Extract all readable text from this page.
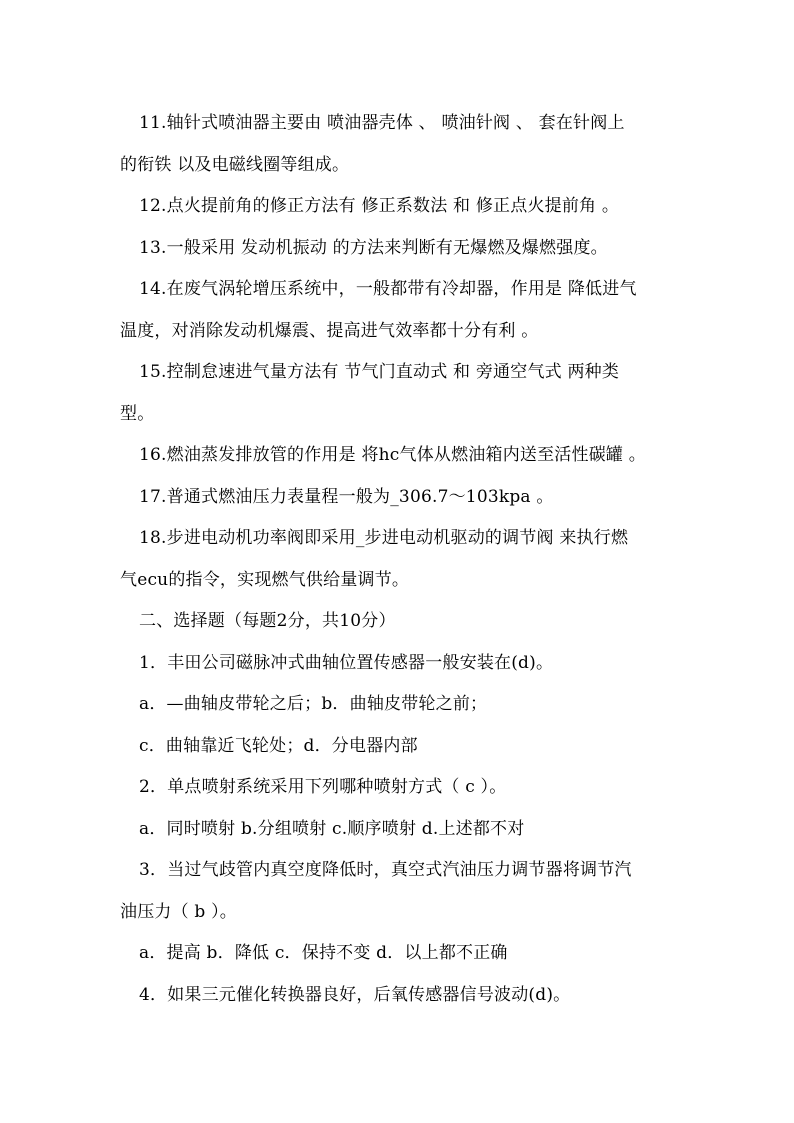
11.轴针式喷油器主要由 喷油器壳体 、 喷油针阀 、 套在针阀上
的衔铁 以及电磁线圈等组成。
12.点火提前角的修正方法有 修正系数法 和 修正点火提前角 。
13.一般采用 发动机振动 的方法来判断有无爆燃及爆燃强度。
14.在废气涡轮增压系统中，一般都带有冷却器，作用是 降低进气
温度，对消除发动机爆震、提高进气效率都十分有利 。
15.控制怠速进气量方法有 节气门直动式 和 旁通空气式 两种类
型。
16.燃油蒸发排放管的作用是 将hc气体从燃油箱内送至活性碳罐 。
17.普通式燃油压力表量程一般为_306.7～103kpa 。
18.步进电动机功率阀即采用_步进电动机驱动的调节阀 来执行燃
气ecu的指令，实现燃气供给量调节。
二、选择题（每题2分，共10分）
1．丰田公司磁脉冲式曲轴位置传感器一般安装在(d)。
a．—曲轴皮带轮之后；b．曲轴皮带轮之前；
c．曲轴靠近飞轮处；d．分电器内部
2．单点喷射系统采用下列哪种喷射方式（ c ）。
a．同时喷射 b.分组喷射 c.顺序喷射 d.上述都不对
3．当过气歧管内真空度降低时，真空式汽油压力调节器将调节汽
油压力（ b ）。
a．提高 b．降低 c．保持不变 d．以上都不正确
4．如果三元催化转换器良好，后氧传感器信号波动(d)。
